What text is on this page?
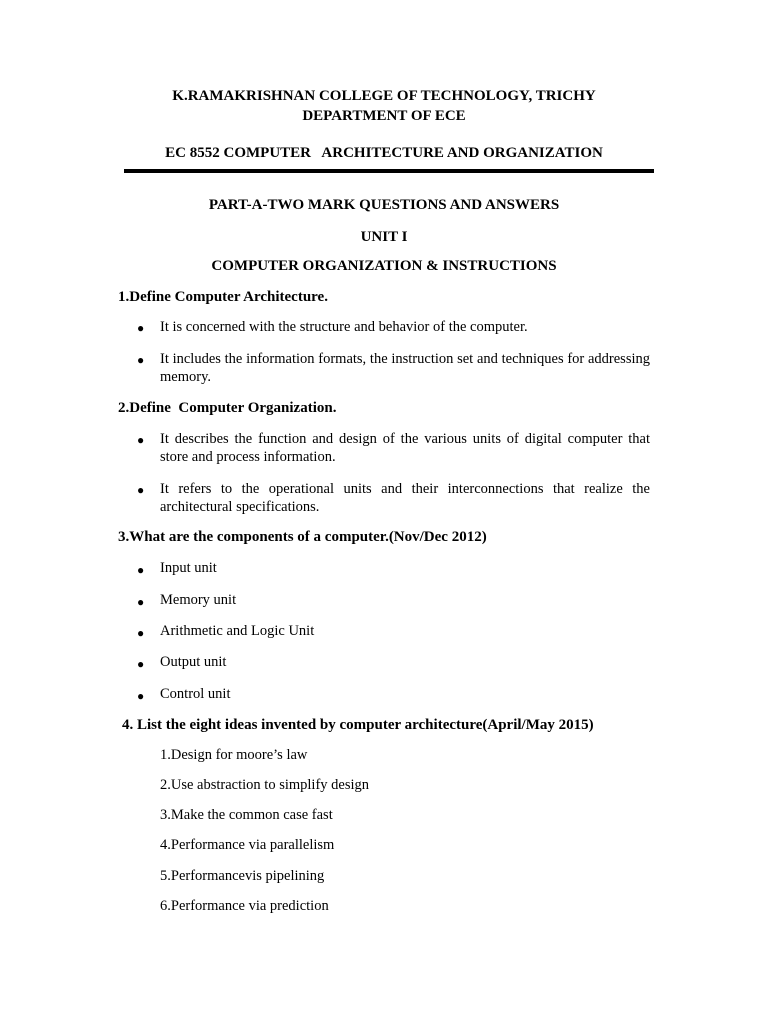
K.RAMAKRISHNAN COLLEGE OF TECHNOLOGY, TRICHY
DEPARTMENT OF ECE
EC 8552 COMPUTER   ARCHITECTURE AND ORGANIZATION
PART-A-TWO MARK QUESTIONS AND ANSWERS
UNIT I
COMPUTER ORGANIZATION & INSTRUCTIONS
1.Define Computer Architecture.
● It is concerned with the structure and behavior of the computer.
● It includes the information formats, the instruction set and techniques for addressing memory.
2.Define  Computer Organization.
● It describes the function and design of the various units of digital computer that store and process information.
● It refers to the operational units and their interconnections that realize the architectural specifications.
3.What are the components of a computer.(Nov/Dec 2012)
● Input unit
● Memory unit
● Arithmetic and Logic Unit
● Output unit
● Control unit
4. List the eight ideas invented by computer architecture(April/May 2015)
1.Design for moore’s law
2.Use abstraction to simplify design
3.Make the common case fast
4.Performance via parallelism
5.Performancevis pipelining
6.Performance via prediction
